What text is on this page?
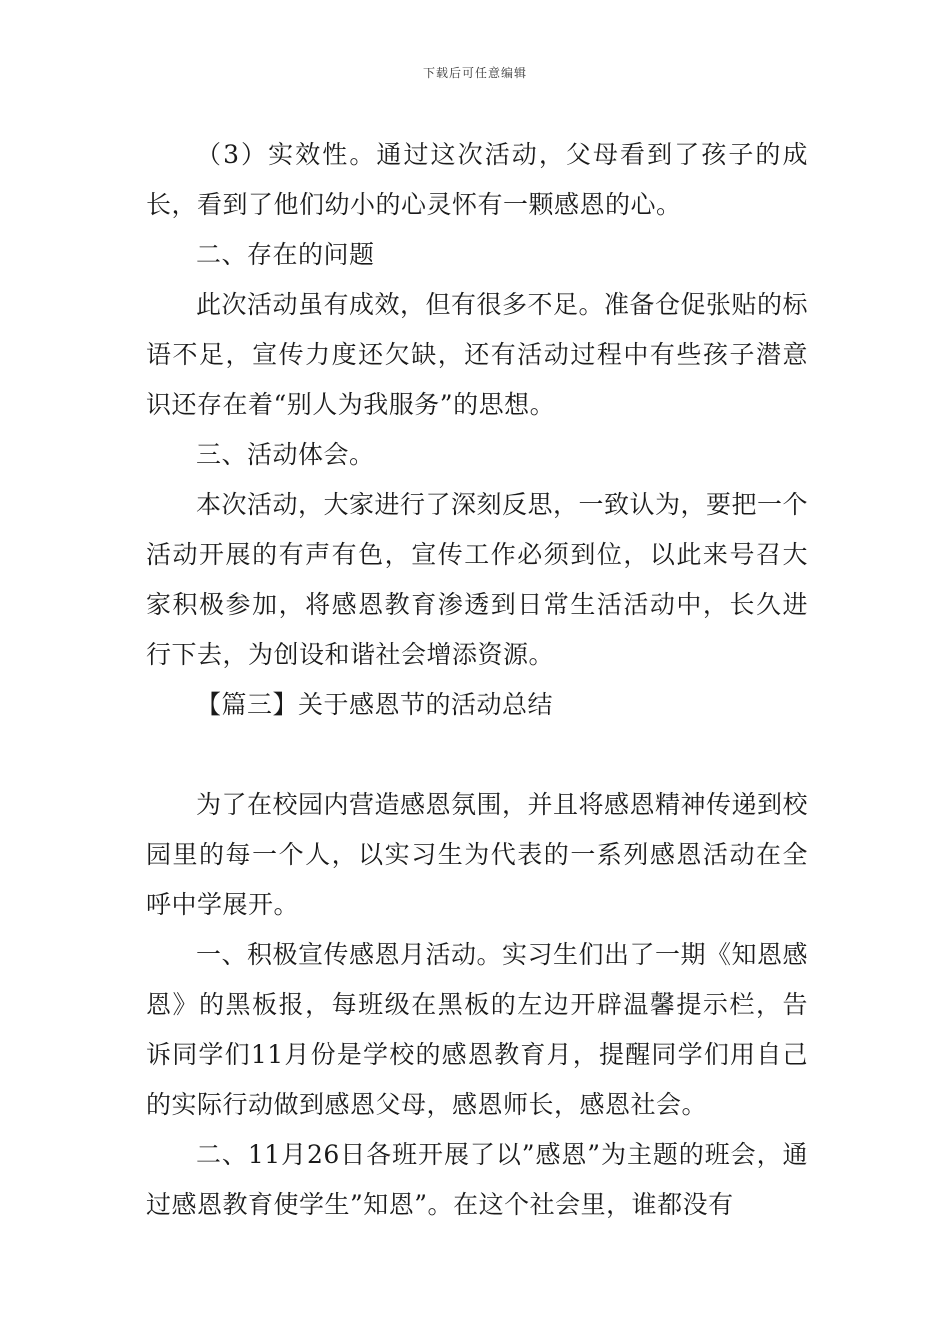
下载后可任意编辑

（3）实效性。通过这次活动，父母看到了孩子的成长，看到了他们幼小的心灵怀有一颗感恩的心。

二、存在的问题

此次活动虽有成效，但有很多不足。准备仓促张贴的标语不足，宣传力度还欠缺，还有活动过程中有些孩子潜意识还存在着“别人为我服务”的思想。

三、活动体会。

本次活动，大家进行了深刻反思，一致认为，要把一个活动开展的有声有色，宣传工作必须到位，以此来号召大家积极参加，将感恩教育渗透到日常生活活动中，长久进行下去，为创设和谐社会增添资源。

【篇三】关于感恩节的活动总结

为了在校园内营造感恩氛围，并且将感恩精神传递到校园里的每一个人，以实习生为代表的一系列感恩活动在全呼中学展开。

一、积极宣传感恩月活动。实习生们出了一期《知恩感恩》的黑板报，每班级在黑板的左边开辟温馨提示栏，告诉同学们11月份是学校的感恩教育月，提醒同学们用自己的实际行动做到感恩父母，感恩师长，感恩社会。

二、11月26日各班开展了以”感恩”为主题的班会，通过感恩教育使学生”知恩”。在这个社会里，谁都没有
